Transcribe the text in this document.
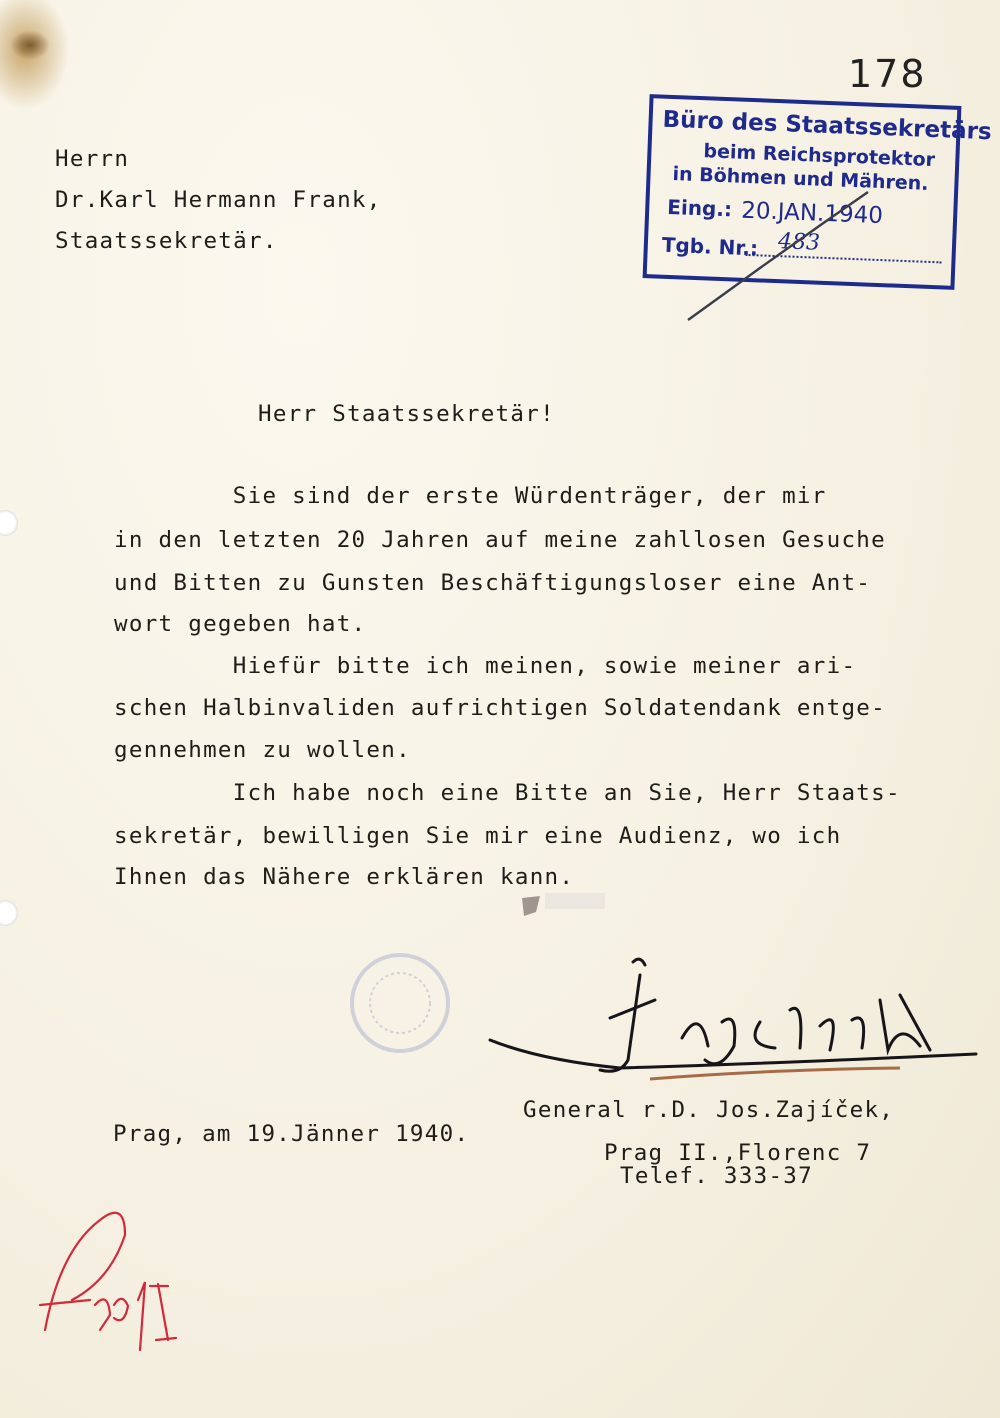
178
Herrn
Dr.Karl Hermann Frank,
Staatssekretär.
Büro des Staatssekretärs
beim Reichsprotektor
in Böhmen und Mähren.
Eing.: 20.JAN.1940
Tgb. Nr.: 483
Herr Staatssekretär!
Sie sind der erste Würdenträger, der mir
in den letzten 20 Jahren auf meine zahllosen Gesuche
und Bitten zu Gunsten Beschäftigungsloser eine Ant-
wort gegeben hat.
Hiefür bitte ich meinen, sowie meiner ari-
schen Halbinvaliden aufrichtigen Soldatendank entge-
gennehmen zu wollen.
Ich habe noch eine Bitte an Sie, Herr Staats-
sekretär, bewilligen Sie mir eine Audienz, wo ich
Ihnen das Nähere erklären kann.
Prag, am 19.Jänner 1940.
General r.D. Jos.Zajíček,
Prag II.,Florenc 7
Telef. 333-37
